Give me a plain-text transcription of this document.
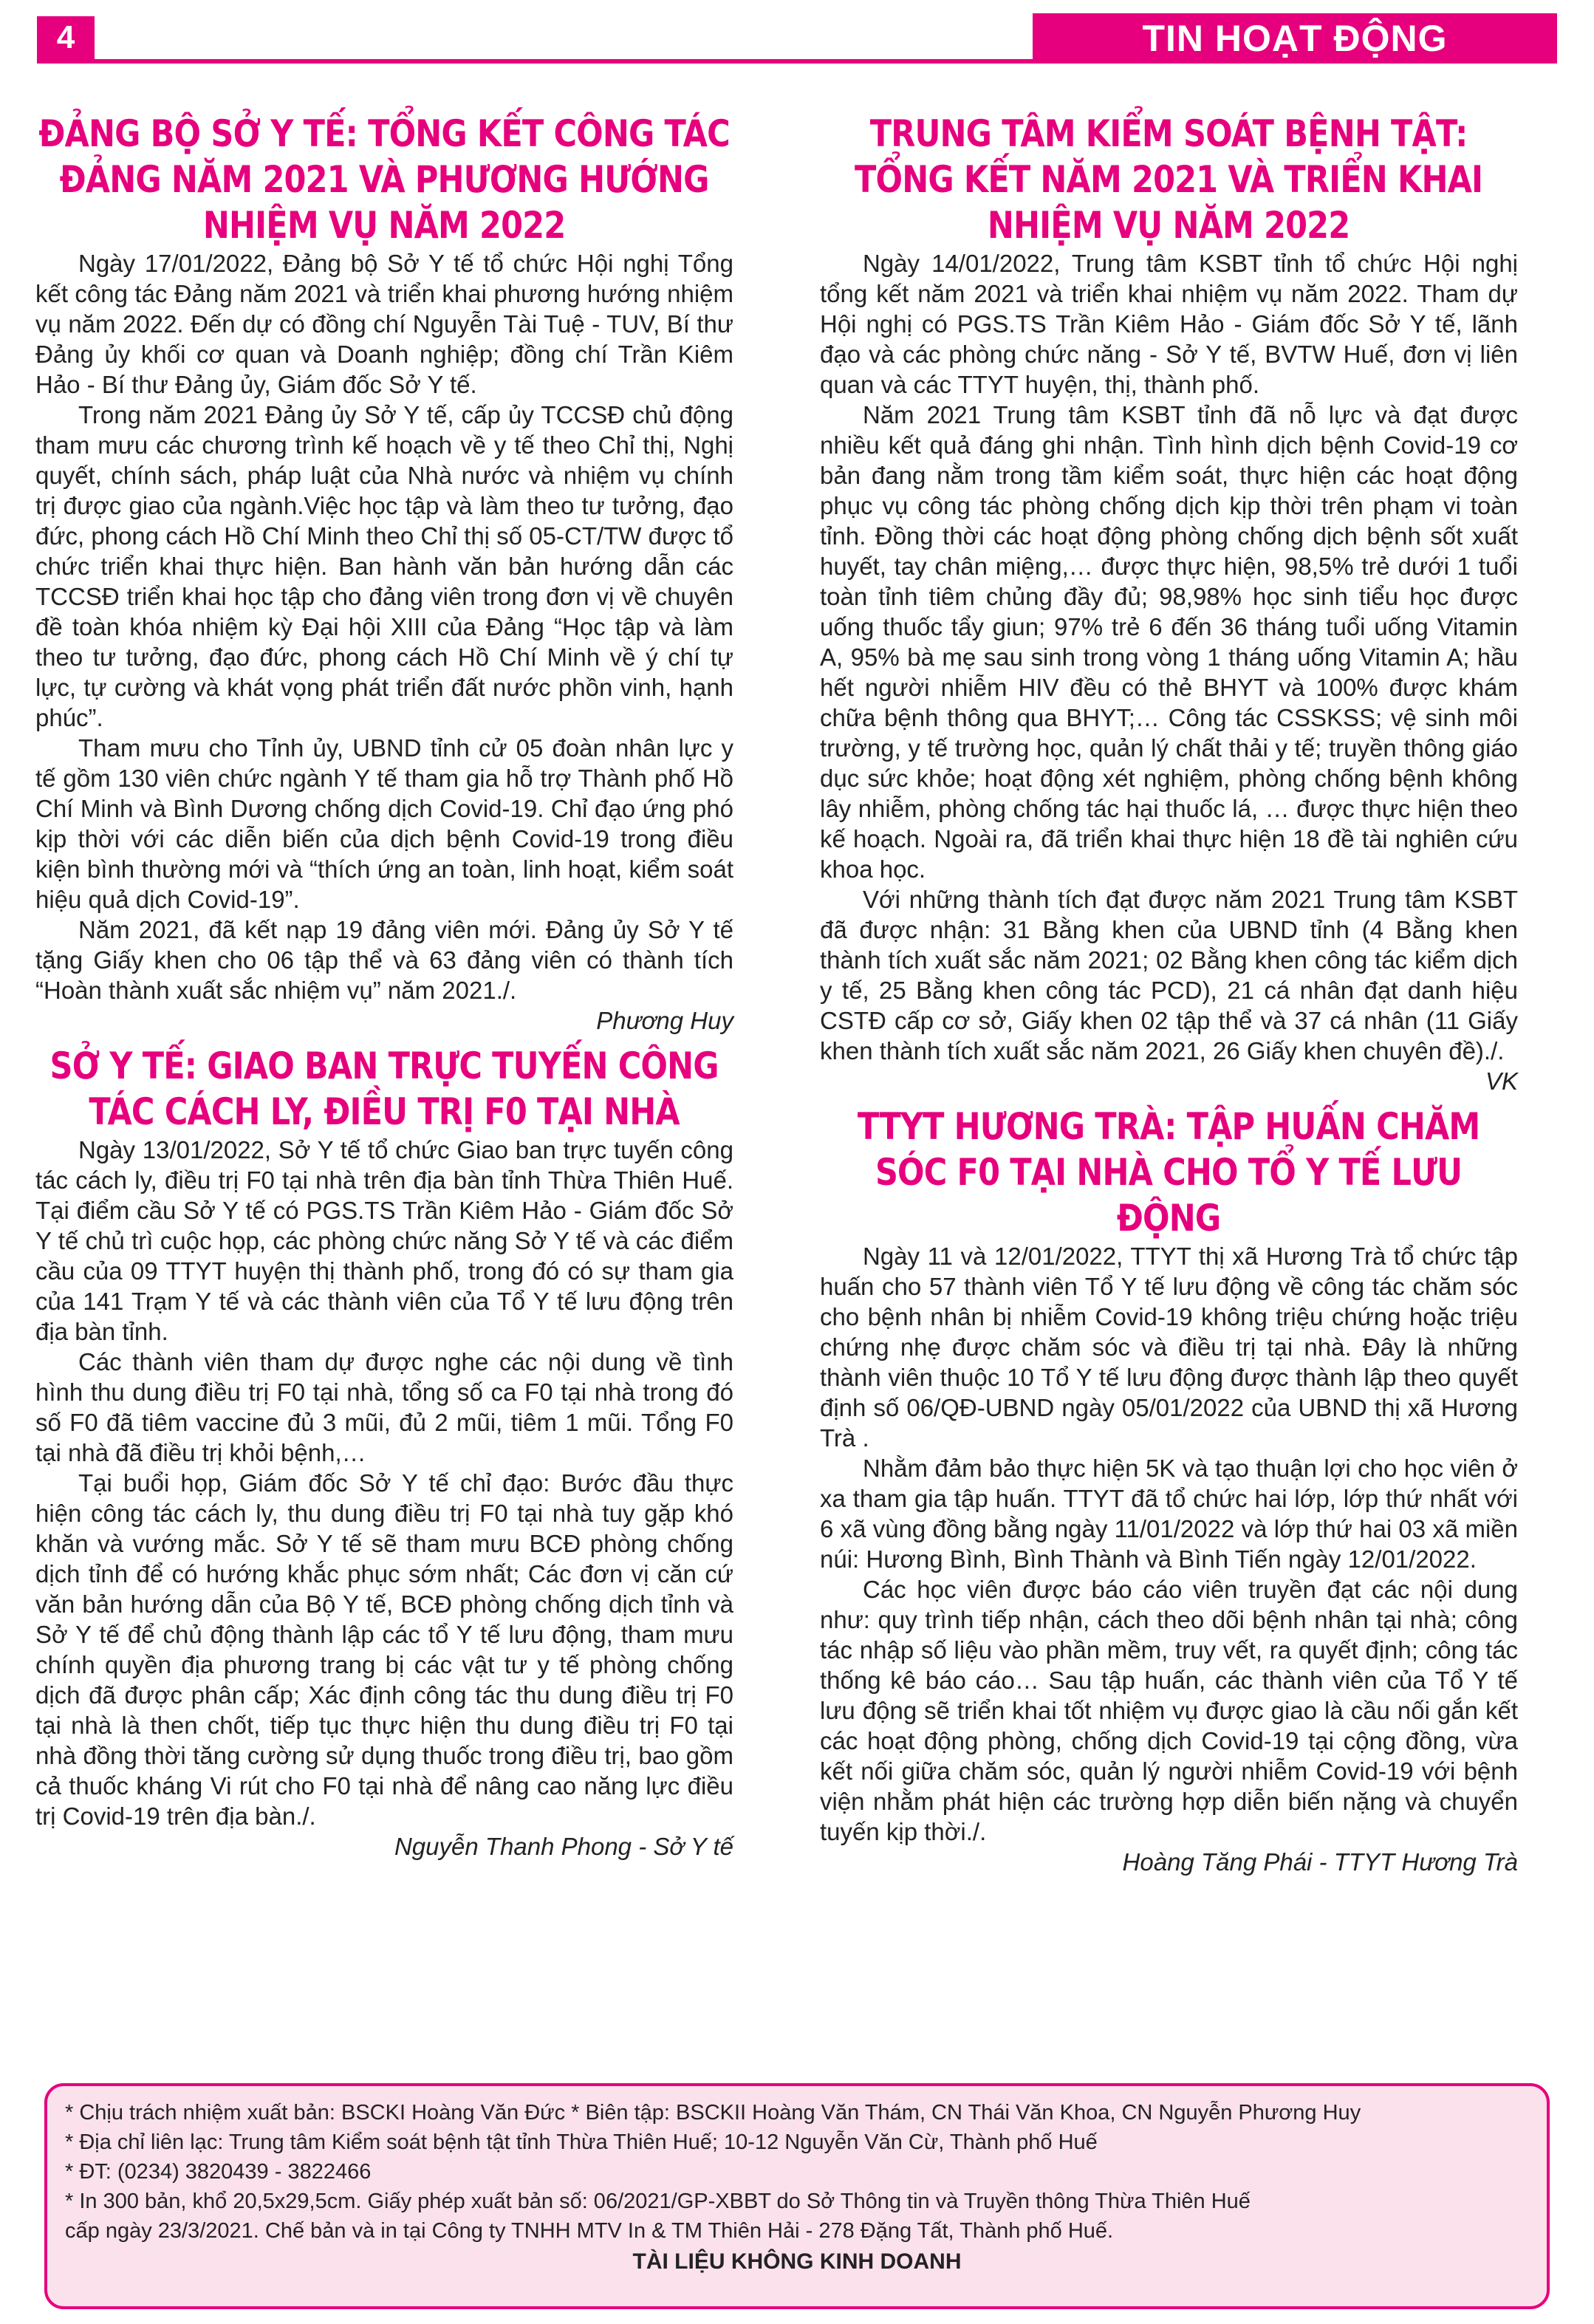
4	TIN HOẠT ĐỘNG
ĐẢNG BỘ SỞ Y TẾ: TỔNG KẾT CÔNG TÁC ĐẢNG NĂM 2021 VÀ PHƯƠNG HƯỚNG NHIỆM VỤ NĂM 2022

Ngày 17/01/2022, Đảng bộ Sở Y tế tổ chức Hội nghị Tổng kết công tác Đảng năm 2021 và triển khai phương hướng nhiệm vụ năm 2022. Đến dự có đồng chí Nguyễn Tài Tuệ - TUV, Bí thư Đảng ủy khối cơ quan và Doanh nghiệp; đồng chí Trần Kiêm Hảo - Bí thư Đảng ủy, Giám đốc Sở Y tế.

Trong năm 2021 Đảng ủy Sở Y tế, cấp ủy TCCSĐ chủ động tham mưu các chương trình kế hoạch về y tế theo Chỉ thị, Nghị quyết, chính sách, pháp luật của Nhà nước và nhiệm vụ chính trị được giao của ngành.Việc học tập và làm theo tư tưởng, đạo đức, phong cách Hồ Chí Minh theo Chỉ thị số 05-CT/TW được tổ chức triển khai thực hiện. Ban hành văn bản hướng dẫn các TCCSĐ triển khai học tập cho đảng viên trong đơn vị về chuyên đề toàn khóa nhiệm kỳ Đại hội XIII của Đảng “Học tập và làm theo tư tưởng, đạo đức, phong cách Hồ Chí Minh về ý chí tự lực, tự cường và khát vọng phát triển đất nước phồn vinh, hạnh phúc”.

Tham mưu cho Tỉnh ủy, UBND tỉnh cử 05 đoàn nhân lực y tế gồm 130 viên chức ngành Y tế tham gia hỗ trợ Thành phố Hồ Chí Minh và Bình Dương chống dịch Covid-19. Chỉ đạo ứng phó kịp thời với các diễn biến của dịch bệnh Covid-19 trong điều kiện bình thường mới và “thích ứng an toàn, linh hoạt, kiểm soát hiệu quả dịch Covid-19”.

Năm 2021, đã kết nạp 19 đảng viên mới. Đảng ủy Sở Y tế tặng Giấy khen cho 06 tập thể và 63 đảng viên có thành tích “Hoàn thành xuất sắc nhiệm vụ” năm 2021./.

Phương Huy

SỞ Y TẾ: GIAO BAN TRỰC TUYẾN CÔNG TÁC CÁCH LY, ĐIỀU TRỊ F0 TẠI NHÀ

Ngày 13/01/2022, Sở Y tế tổ chức Giao ban trực tuyến công tác cách ly, điều trị F0 tại nhà trên địa bàn tỉnh Thừa Thiên Huế. Tại điểm cầu Sở Y tế có PGS.TS Trần Kiêm Hảo - Giám đốc Sở Y tế chủ trì cuộc họp, các phòng chức năng Sở Y tế và các điểm cầu của 09 TTYT huyện thị thành phố, trong đó có sự tham gia của 141 Trạm Y tế và các thành viên của Tổ Y tế lưu động trên địa bàn tỉnh.

Các thành viên tham dự được nghe các nội dung về tình hình thu dung điều trị F0 tại nhà, tổng số ca F0 tại nhà trong đó số F0 đã tiêm vaccine đủ 3 mũi, đủ 2 mũi, tiêm 1 mũi. Tổng F0 tại nhà đã điều trị khỏi bệnh,…

Tại buổi họp, Giám đốc Sở Y tế chỉ đạo: Bước đầu thực hiện công tác cách ly, thu dung điều trị F0 tại nhà tuy gặp khó khăn và vướng mắc. Sở Y tế sẽ tham mưu BCĐ phòng chống dịch tỉnh để có hướng khắc phục sớm nhất; Các đơn vị căn cứ văn bản hướng dẫn của Bộ Y tế, BCĐ phòng chống dịch tỉnh và Sở Y tế để chủ động thành lập các tổ Y tế lưu động, tham mưu chính quyền địa phương trang bị các vật tư y tế phòng chống dịch đã được phân cấp; Xác định công tác thu dung điều trị F0 tại nhà là then chốt, tiếp tục thực hiện thu dung điều trị F0 tại nhà đồng thời tăng cường sử dụng thuốc trong điều trị, bao gồm cả thuốc kháng Vi rút cho F0 tại nhà để nâng cao năng lực điều trị Covid-19 trên địa bàn./.

Nguyễn Thanh Phong - Sở Y tế

TRUNG TÂM KIỂM SOÁT BỆNH TẬT: TỔNG KẾT NĂM 2021 VÀ TRIỂN KHAI NHIỆM VỤ NĂM 2022

Ngày 14/01/2022, Trung tâm KSBT tỉnh tổ chức Hội nghị tổng kết năm 2021 và triển khai nhiệm vụ năm 2022. Tham dự Hội nghị có PGS.TS Trần Kiêm Hảo - Giám đốc Sở Y tế, lãnh đạo và các phòng chức năng - Sở Y tế, BVTW Huế, đơn vị liên quan và các TTYT huyện, thị, thành phố.

Năm 2021 Trung tâm KSBT tỉnh đã nỗ lực và đạt được nhiều kết quả đáng ghi nhận. Tình hình dịch bệnh Covid-19 cơ bản đang nằm trong tầm kiểm soát, thực hiện các hoạt động phục vụ công tác phòng chống dịch kịp thời trên phạm vi toàn tỉnh. Đồng thời các hoạt động phòng chống dịch bệnh sốt xuất huyết, tay chân miệng,… được thực hiện, 98,5% trẻ dưới 1 tuổi toàn tỉnh tiêm chủng đầy đủ; 98,98% học sinh tiểu học được uống thuốc tẩy giun; 97% trẻ 6 đến 36 tháng tuổi uống Vitamin A, 95% bà mẹ sau sinh trong vòng 1 tháng uống Vitamin A; hầu hết người nhiễm HIV đều có thẻ BHYT và 100% được khám chữa bệnh thông qua BHYT;… Công tác CSSKSS; vệ sinh môi trường, y tế trường học, quản lý chất thải y tế; truyền thông giáo dục sức khỏe; hoạt động xét nghiệm, phòng chống bệnh không lây nhiễm, phòng chống tác hại thuốc lá, … được thực hiện theo kế hoạch. Ngoài ra, đã triển khai thực hiện 18 đề tài nghiên cứu khoa học.

Với những thành tích đạt được năm 2021 Trung tâm KSBT đã được nhận: 31 Bằng khen của UBND tỉnh (4 Bằng khen thành tích xuất sắc năm 2021; 02 Bằng khen công tác kiểm dịch y tế, 25 Bằng khen công tác PCD), 21 cá nhân đạt danh hiệu CSTĐ cấp cơ sở, Giấy khen 02 tập thể và 37 cá nhân (11 Giấy khen thành tích xuất sắc năm 2021, 26 Giấy khen chuyên đề)./.

VK

TTYT HƯƠNG TRÀ: TẬP HUẤN CHĂM SÓC F0 TẠI NHÀ CHO TỔ Y TẾ LƯU ĐỘNG

Ngày 11 và 12/01/2022, TTYT thị xã Hương Trà tổ chức tập huấn cho 57 thành viên Tổ Y tế lưu động về công tác chăm sóc cho bệnh nhân bị nhiễm Covid-19 không triệu chứng hoặc triệu chứng nhẹ được chăm sóc và điều trị tại nhà. Đây là những thành viên thuộc 10 Tổ Y tế lưu động được thành lập theo quyết định số 06/QĐ-UBND ngày 05/01/2022 của UBND thị xã Hương Trà .

Nhằm đảm bảo thực hiện 5K và tạo thuận lợi cho học viên ở xa tham gia tập huấn. TTYT đã tổ chức hai lớp, lớp thứ nhất với 6 xã vùng đồng bằng ngày 11/01/2022 và lớp thứ hai 03 xã miền núi: Hương Bình, Bình Thành và Bình Tiến ngày 12/01/2022.

Các học viên được báo cáo viên truyền đạt các nội dung như: quy trình tiếp nhận, cách theo dõi bệnh nhân tại nhà; công tác nhập số liệu vào phần mềm, truy vết, ra quyết định; công tác thống kê báo cáo… Sau tập huấn, các thành viên của Tổ Y tế lưu động sẽ triển khai tốt nhiệm vụ được giao là cầu nối gắn kết các hoạt động phòng, chống dịch Covid-19 tại cộng đồng, vừa kết nối giữa chăm sóc, quản lý người nhiễm Covid-19 với bệnh viện nhằm phát hiện các trường hợp diễn biến nặng và chuyển tuyến kịp thời./.

Hoàng Tăng Phái - TTYT Hương Trà

* Chịu trách nhiệm xuất bản: BSCKI Hoàng Văn Đức * Biên tập: BSCKII Hoàng Văn Thám, CN Thái Văn Khoa, CN Nguyễn Phương Huy

* Địa chỉ liên lạc: Trung tâm Kiểm soát bệnh tật tỉnh Thừa Thiên Huế; 10-12 Nguyễn Văn Cừ, Thành phố Huế

* ĐT: (0234) 3820439 - 3822466

* In 300 bản, khổ 20,5x29,5cm. Giấy phép xuất bản số: 06/2021/GP-XBBT do Sở Thông tin và Truyền thông Thừa Thiên Huế

cấp ngày 23/3/2021. Chế bản và in tại Công ty TNHH MTV In & TM Thiên Hải - 278 Đặng Tất, Thành phố Huế.

TÀI LIỆU KHÔNG KINH DOANH
